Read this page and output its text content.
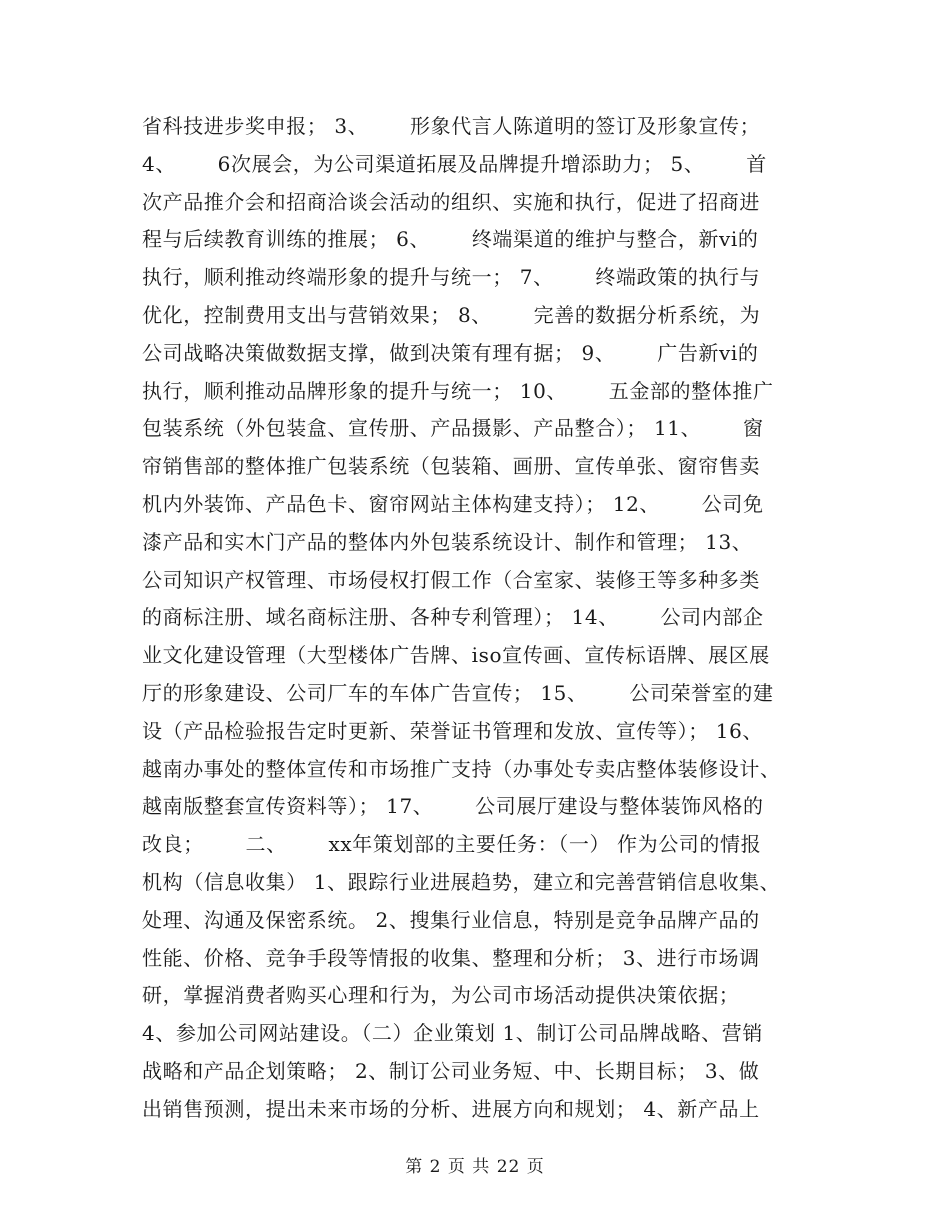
省科技进步奖申报； 3、      形象代言人陈道明的签订及形象宣传；
4、      6次展会，为公司渠道拓展及品牌提升增添助力； 5、      首
次产品推介会和招商洽谈会活动的组织、实施和执行，促进了招商进
程与后续教育训练的推展； 6、      终端渠道的维护与整合，新vi的
执行，顺利推动终端形象的提升与统一； 7、      终端政策的执行与
优化，控制费用支出与营销效果； 8、      完善的数据分析系统，为
公司战略决策做数据支撑，做到决策有理有据； 9、      广告新vi的
执行，顺利推动品牌形象的提升与统一； 10、      五金部的整体推广
包装系统（外包装盒、宣传册、产品摄影、产品整合）； 11、      窗
帘销售部的整体推广包装系统（包装箱、画册、宣传单张、窗帘售卖
机内外装饰、产品色卡、窗帘网站主体构建支持）； 12、      公司免
漆产品和实木门产品的整体内外包装系统设计、制作和管理； 13、
公司知识产权管理、市场侵权打假工作（合室家、装修王等多种多类
的商标注册、域名商标注册、各种专利管理）； 14、      公司内部企
业文化建设管理（大型楼体广告牌、iso宣传画、宣传标语牌、展区展
厅的形象建设、公司厂车的车体广告宣传； 15、      公司荣誉室的建
设（产品检验报告定时更新、荣誉证书管理和发放、宣传等）； 16、
越南办事处的整体宣传和市场推广支持（办事处专卖店整体装修设计、
越南版整套宣传资料等）； 17、      公司展厅建设与整体装饰风格的
改良；      二、      xx年策划部的主要任务：（一） 作为公司的情报
机构（信息收集） 1、跟踪行业进展趋势，建立和完善营销信息收集、
处理、沟通及保密系统。 2、搜集行业信息，特别是竞争品牌产品的
性能、价格、竞争手段等情报的收集、整理和分析； 3、进行市场调
研，掌握消费者购买心理和行为，为公司市场活动提供决策依据；
4、参加公司网站建设。（二）企业策划 1、制订公司品牌战略、营销
战略和产品企划策略； 2、制订公司业务短、中、长期目标； 3、做
出销售预测，提出未来市场的分析、进展方向和规划； 4、新产品上
第 2 页 共 22 页
